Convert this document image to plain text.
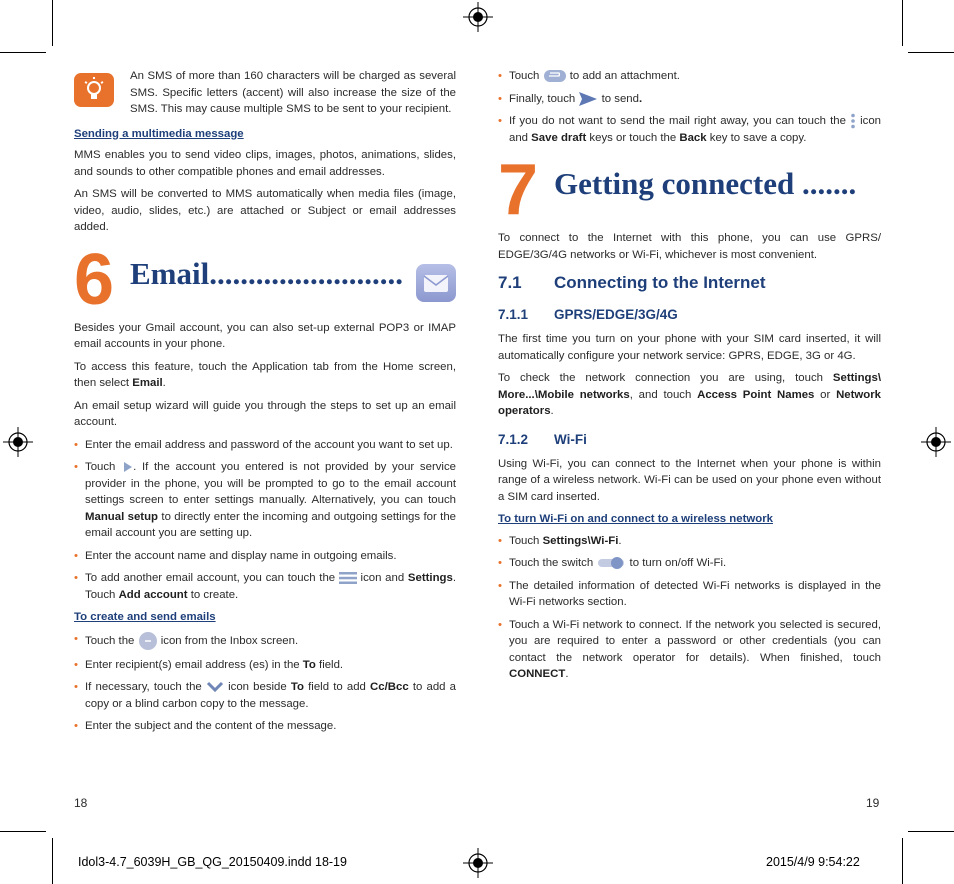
An SMS of more than 160 characters will be charged as several SMS. Specific letters (accent) will also increase the size of the SMS. This may cause multiple SMS to be sent to your recipient.

Sending a multimedia message

MMS enables you to send video clips, images, photos, animations, slides, and sounds to other compatible phones and email addresses.

An SMS will be converted to MMS automatically when media files (image, video, audio, slides, etc.) are attached or Subject or email addresses added.

6 Email.........................

Besides your Gmail account, you can also set-up external POP3 or IMAP email accounts in your phone.

To access this feature, touch the Application tab from the Home screen, then select Email.

An email setup wizard will guide you through the steps to set up an email account.

• Enter the email address and password of the account you want to set up.
• Touch . If the account you entered is not provided by your service provider in the phone, you will be prompted to go to the email account settings screen to enter settings manually. Alternatively, you can touch Manual setup to directly enter the incoming and outgoing settings for the email account you are setting up.
• Enter the account name and display name in outgoing emails.
• To add another email account, you can touch the  icon and Settings. Touch Add account to create.
To create and send emails
• Touch the  icon from the Inbox screen.
• Enter recipient(s) email address (es) in the To field.
• If necessary, touch the  icon beside To field to add Cc/Bcc to add a copy or a blind carbon copy to the message.
• Enter the subject and the content of the message.
18
• Touch  to add an attachment.
• Finally, touch  to send.
• If you do not want to send the mail right away, you can touch the  icon and Save draft keys or touch the Back key to save a copy.
7 Getting connected .......

To connect to the Internet with this phone, you can use GPRS/ EDGE/3G/4G networks or Wi-Fi, whichever is most convenient.

7.1 Connecting to the Internet
7.1.1 GPRS/EDGE/3G/4G

The first time you turn on your phone with your SIM card inserted, it will automatically configure your network service: GPRS, EDGE, 3G or 4G.

To check the network connection you are using, touch Settings\ More...\Mobile networks, and touch Access Point Names or Network operators.

7.1.2 Wi-Fi

Using Wi-Fi, you can connect to the Internet when your phone is within range of a wireless network. Wi-Fi can be used on your phone even without a SIM card inserted.

To turn Wi-Fi on and connect to a wireless network
• Touch Settings\Wi-Fi.
• Touch the switch	to turn on/off Wi-Fi.
• The detailed information of detected Wi-Fi networks is displayed in the Wi-Fi networks section.
• Touch a Wi-Fi network to connect. If the network you selected is secured, you are required to enter a password or other credentials (you can contact the network operator for details). When finished, touch CONNECT.
19
Idol3-4.7_6039H_GB_QG_20150409.indd 18-19	2015/4/9 9:54:22
